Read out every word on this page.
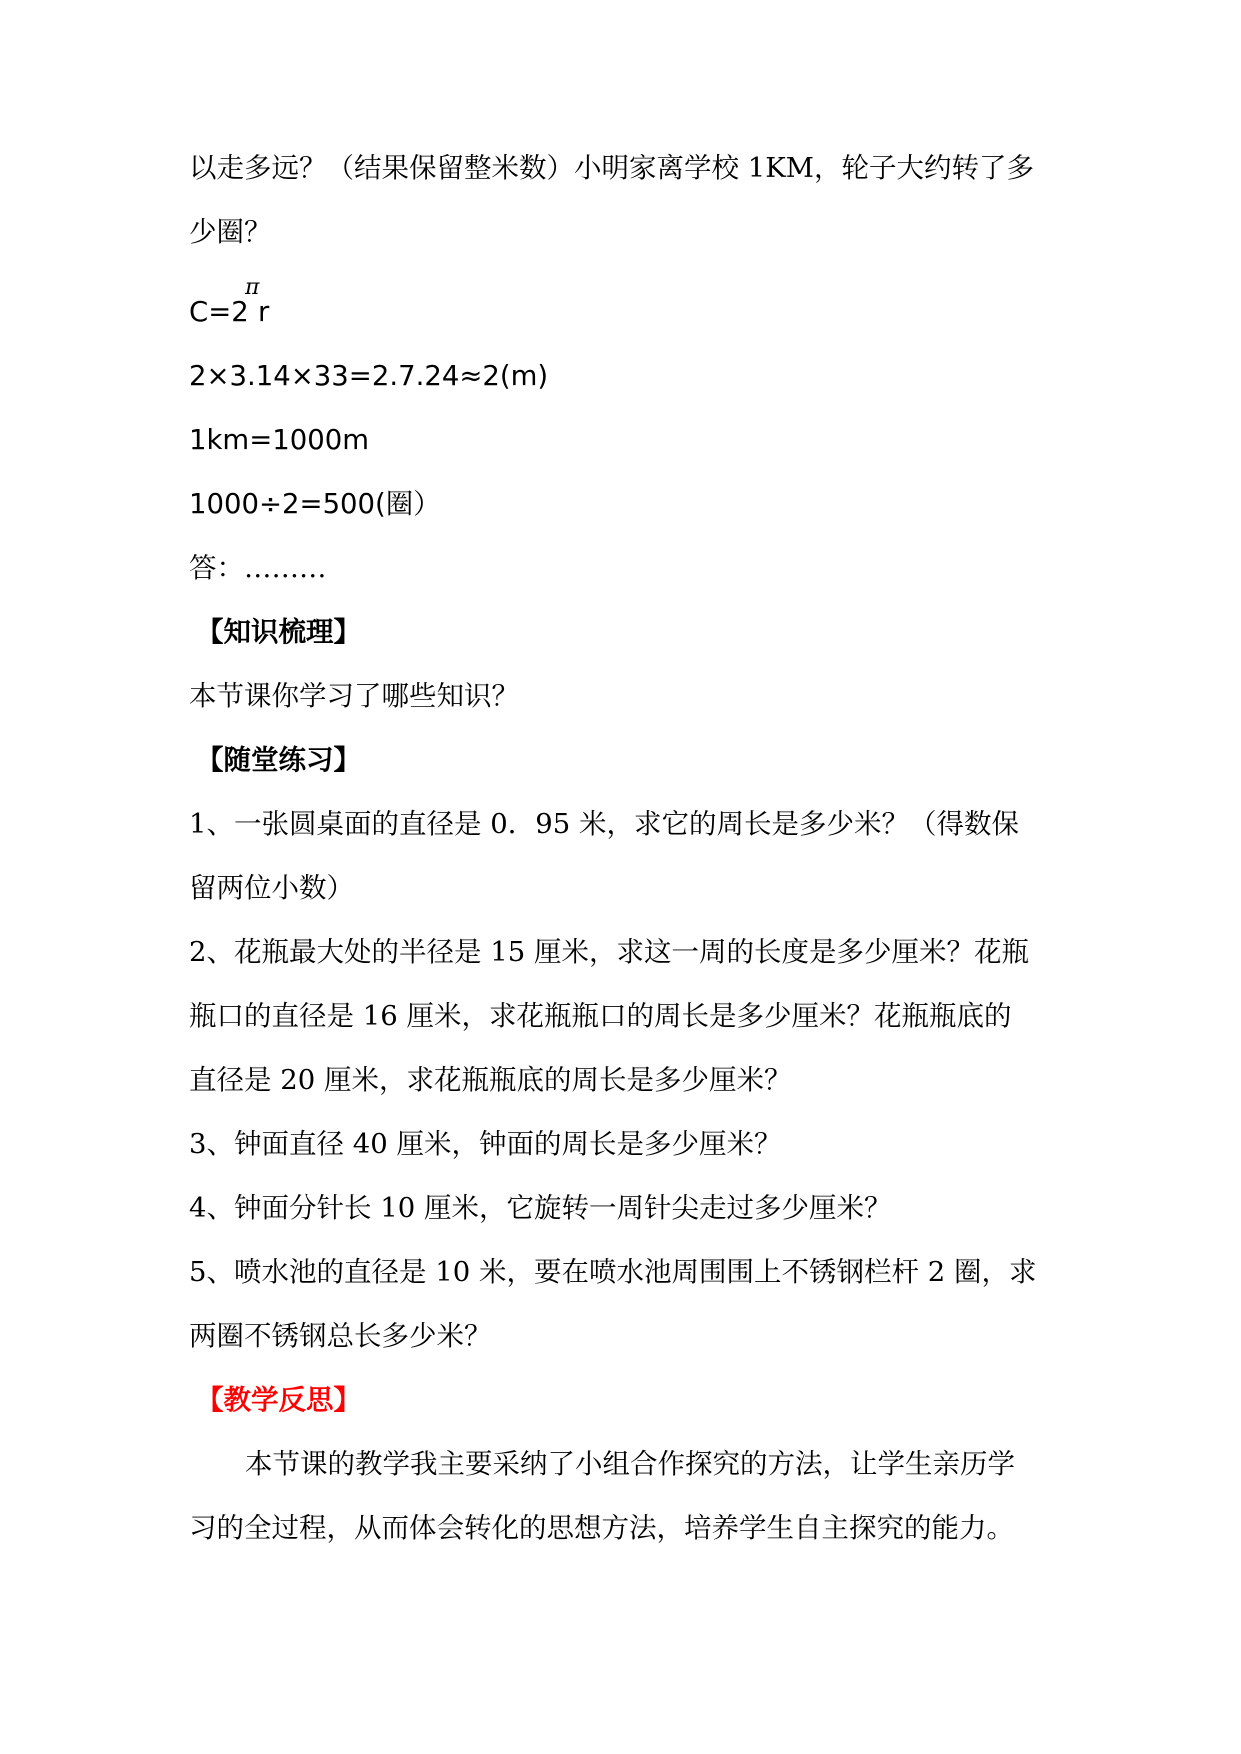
以走多远？（结果保留整米数）小明家离学校 1KM，轮子大约转了多
少圈？
C=2
π
r
2×3.14×33=2.7.24≈2(m)
1km=1000m
1000÷2=500(圈）
答：………
【知识梳理】
本节课你学习了哪些知识？
【随堂练习】
1、一张圆桌面的直径是 0．95 米，求它的周长是多少米？（得数保
留两位小数）
2、花瓶最大处的半径是 15 厘米，求这一周的长度是多少厘米？花瓶
瓶口的直径是 16 厘米，求花瓶瓶口的周长是多少厘米？花瓶瓶底的
直径是 20 厘米，求花瓶瓶底的周长是多少厘米？
3、钟面直径 40 厘米，钟面的周长是多少厘米？
4、钟面分针长 10 厘米，它旋转一周针尖走过多少厘米？
5、喷水池的直径是 10 米，要在喷水池周围围上不锈钢栏杆 2 圈，求
两圈不锈钢总长多少米？
【教学反思】
本节课的教学我主要采纳了小组合作探究的方法，让学生亲历学
习的全过程，从而体会转化的思想方法，培养学生自主探究的能力。
